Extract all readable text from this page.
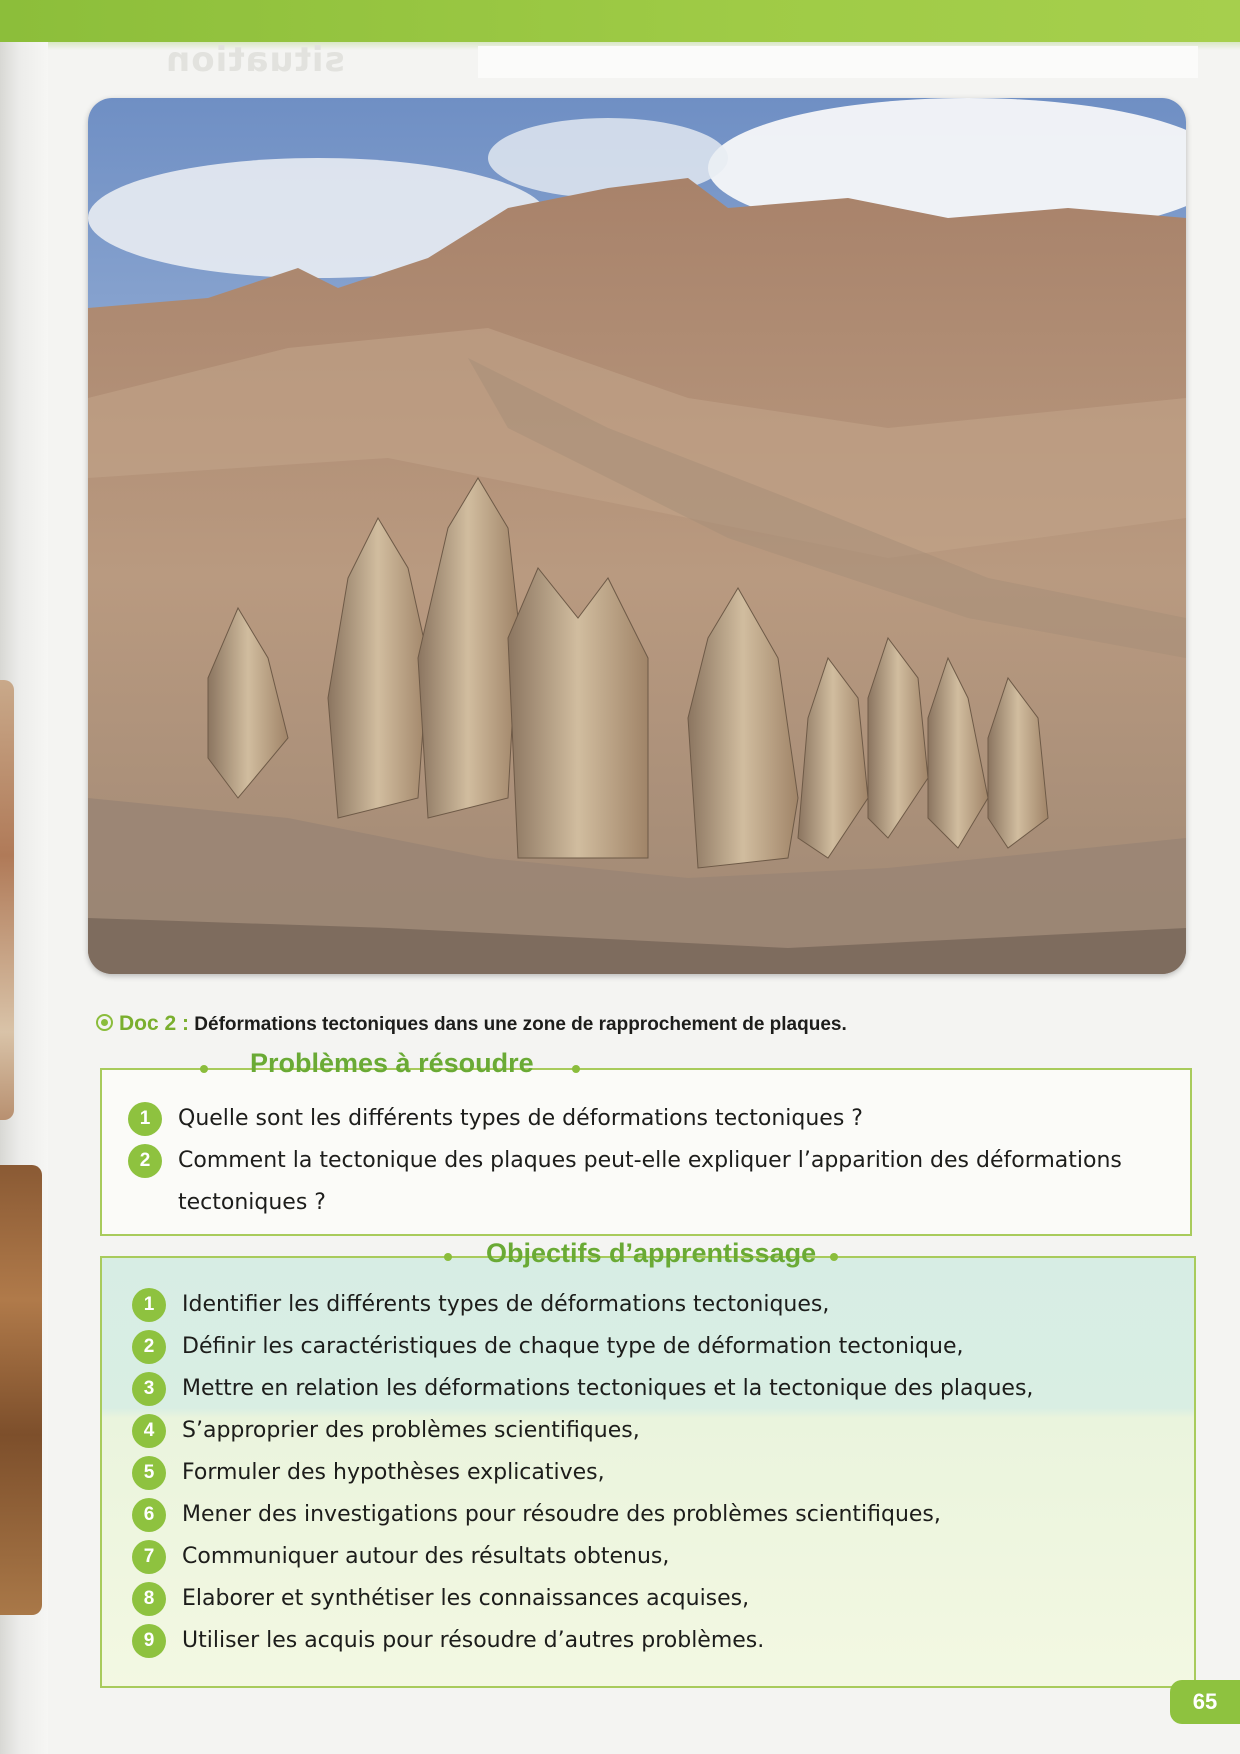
situation
Doc 2 : Déformations tectoniques dans une zone de rapprochement de plaques.
Problèmes à résoudre
1	Quelle sont les différents types de déformations tectoniques ?
2	Comment la tectonique des plaques peut-elle expliquer l’apparition des déformations tectoniques ?
Objectifs d’apprentissage
1	Identifier les différents types de déformations tectoniques,
2	Définir les caractéristiques de chaque type de déformation tectonique,
3	Mettre en relation les déformations tectoniques et la tectonique des plaques,
4	S’approprier des problèmes scientifiques,
5	Formuler des hypothèses explicatives,
6	Mener des investigations pour résoudre des problèmes scientifiques,
7	Communiquer autour des résultats obtenus,
8	Elaborer et synthétiser les connaissances acquises,
9	Utiliser les acquis pour résoudre d’autres problèmes.
65
